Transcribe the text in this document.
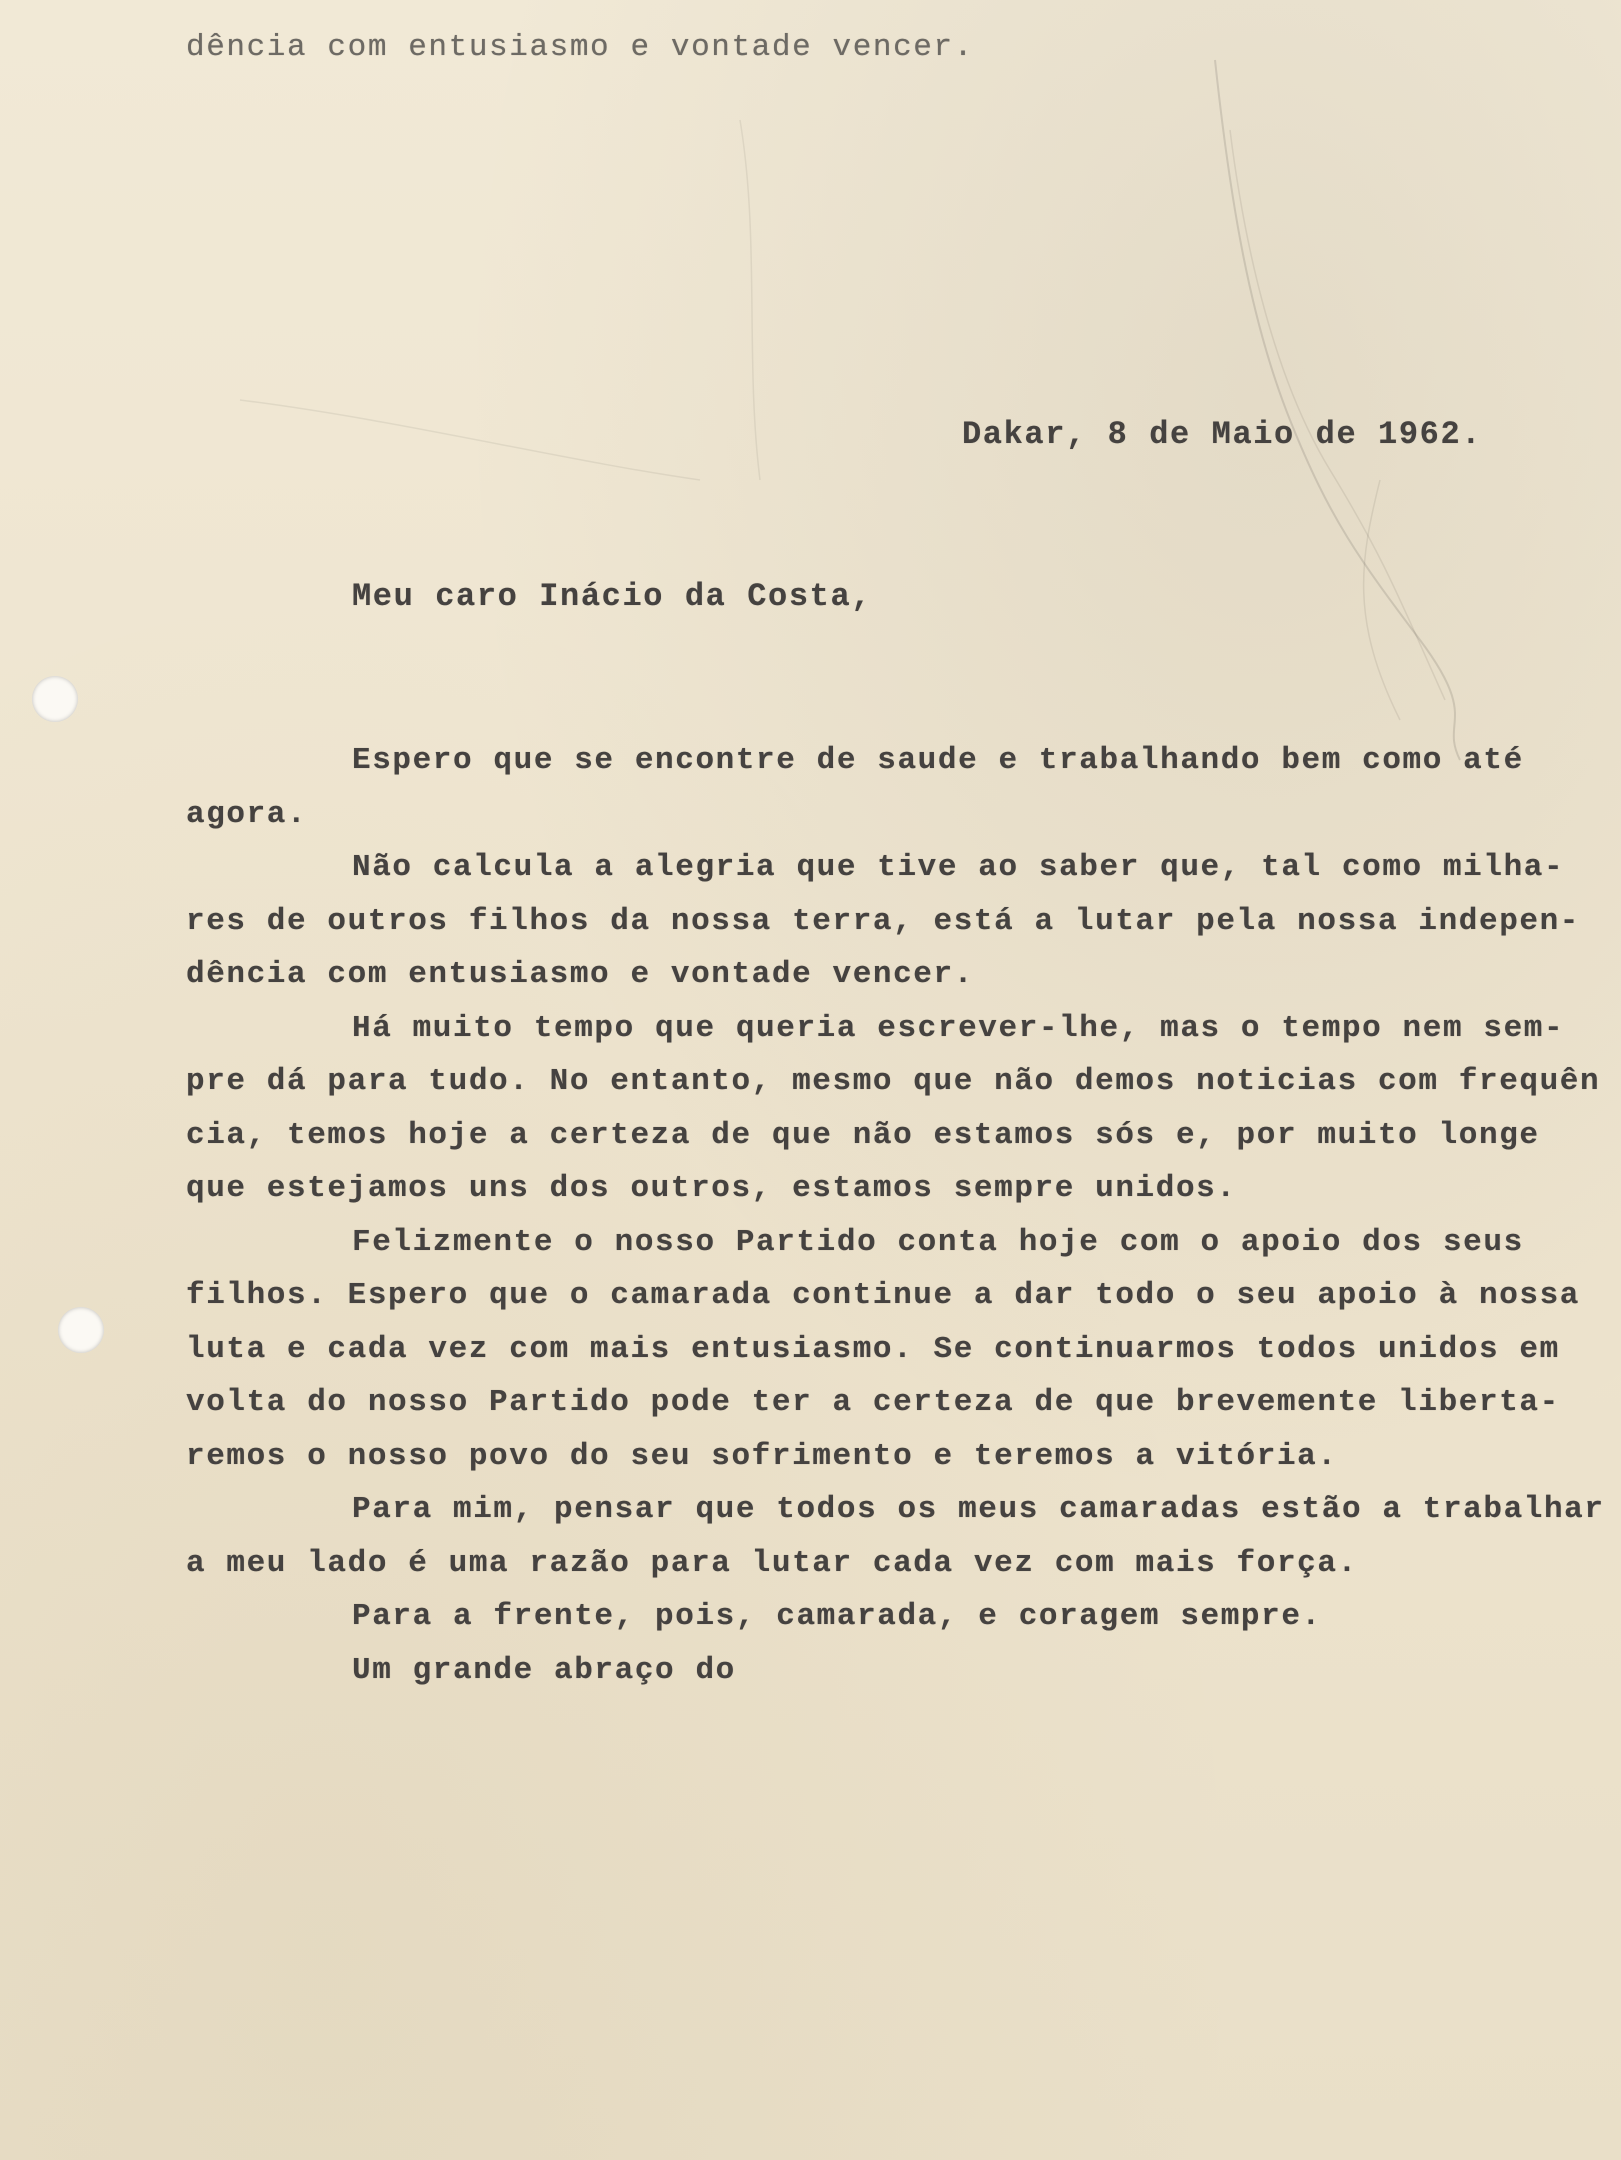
dência com entusiasmo e vontade vencer.

Dakar, 8 de Maio de 1962.

Meu caro Inácio da Costa,

Espero que se encontre de saude e trabalhando bem como até
agora.
Não calcula a alegria que tive ao saber que, tal como milha-
res de outros filhos da nossa terra, está a lutar pela nossa indepen-
dência com entusiasmo e vontade vencer.
Há muito tempo que queria escrever-lhe, mas o tempo nem sem-
pre dá para tudo. No entanto, mesmo que não demos noticias com frequên
cia, temos hoje a certeza de que não estamos sós e, por muito longe
que estejamos uns dos outros, estamos sempre unidos.
Felizmente o nosso Partido conta hoje com o apoio dos seus
filhos. Espero que o camarada continue a dar todo o seu apoio à nossa
luta e cada vez com mais entusiasmo. Se continuarmos todos unidos em
volta do nosso Partido pode ter a certeza de que brevemente liberta-
remos o nosso povo do seu sofrimento e teremos a vitória.
Para mim, pensar que todos os meus camaradas estão a trabalhar
a meu lado é uma razão para lutar cada vez com mais força.
Para a frente, pois, camarada, e coragem sempre.
Um grande abraço do
